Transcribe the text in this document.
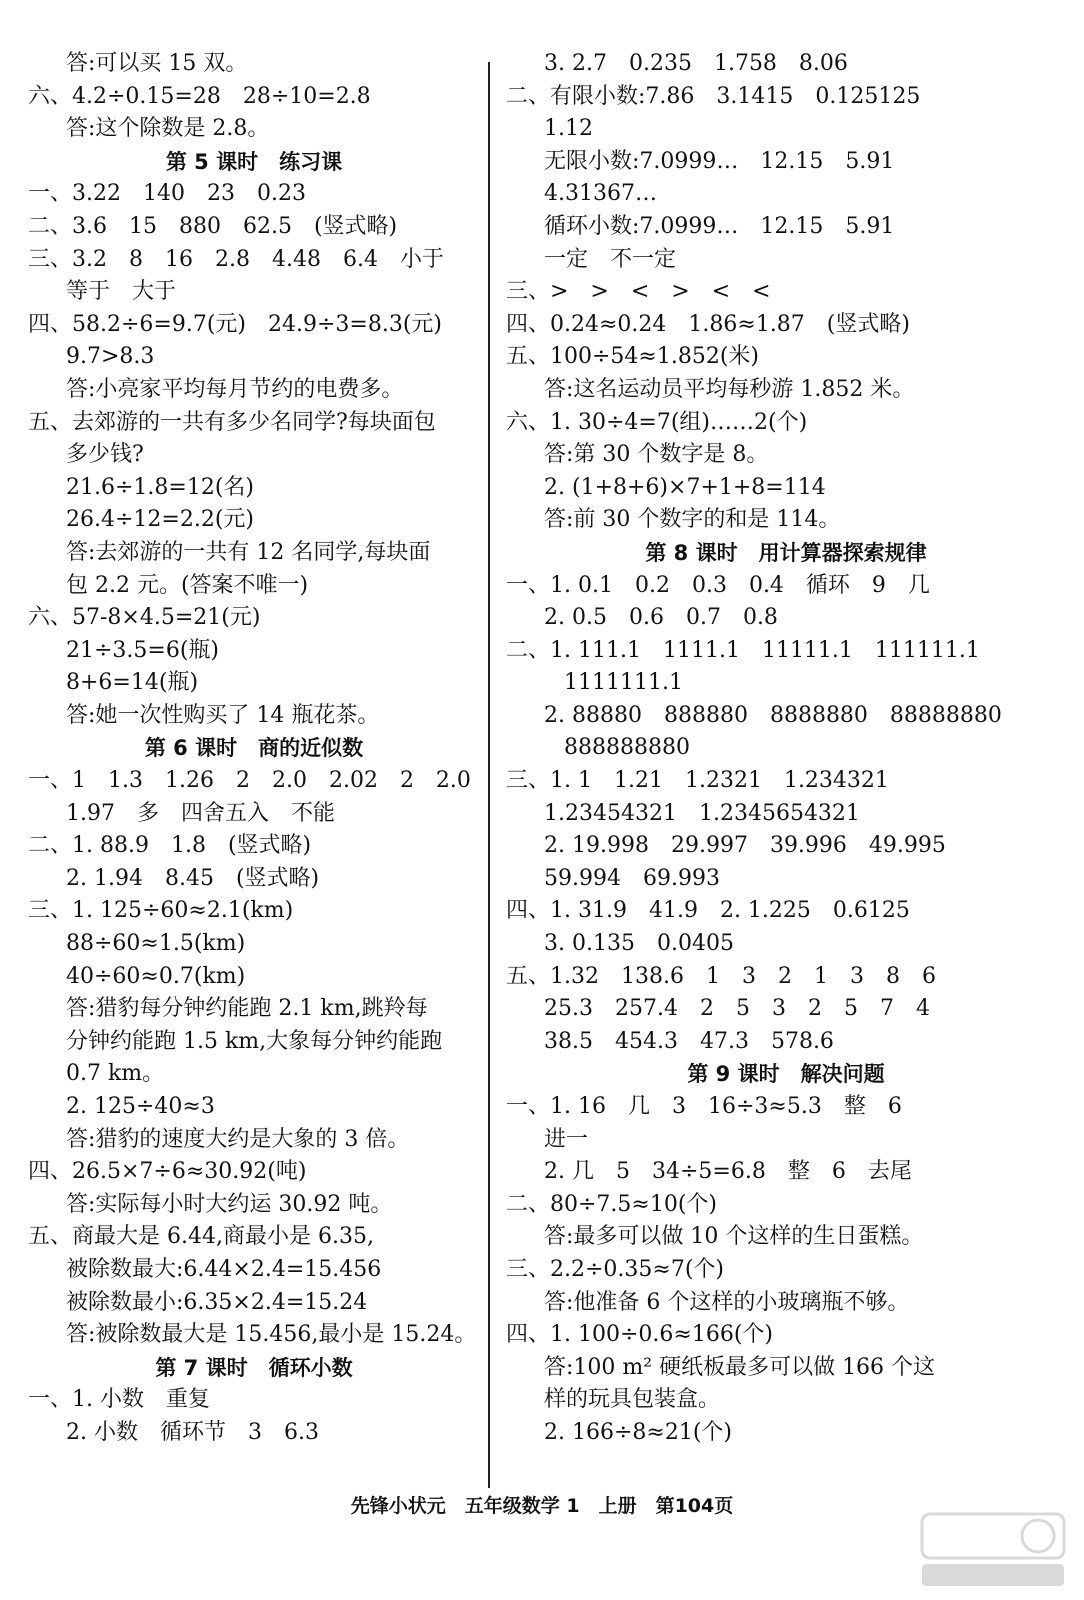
答:可以买 15 双。
六、4.2÷0.15=28　28÷10=2.8
答:这个除数是 2.8。
第 5 课时　练习课
一、3.22　140　23　0.23
二、3.6　15　880　62.5　(竖式略)
三、3.2　8　16　2.8　4.48　6.4　小于
等于　大于
四、58.2÷6=9.7(元)　24.9÷3=8.3(元)
9.7>8.3
答:小亮家平均每月节约的电费多。
五、去郊游的一共有多少名同学?每块面包
多少钱?
21.6÷1.8=12(名)
26.4÷12=2.2(元)
答:去郊游的一共有 12 名同学,每块面
包 2.2 元。(答案不唯一)
六、57-8×4.5=21(元)
21÷3.5=6(瓶)
8+6=14(瓶)
答:她一次性购买了 14 瓶花茶。
第 6 课时　商的近似数
一、1　1.3　1.26　2　2.0　2.02　2　2.0
1.97　多　四舍五入　不能
二、1. 88.9　1.8　(竖式略)
2. 1.94　8.45　(竖式略)
三、1. 125÷60≈2.1(km)
88÷60≈1.5(km)
40÷60≈0.7(km)
答:猎豹每分钟约能跑 2.1 km,跳羚每
分钟约能跑 1.5 km,大象每分钟约能跑
0.7 km。
2. 125÷40≈3
答:猎豹的速度大约是大象的 3 倍。
四、26.5×7÷6≈30.92(吨)
答:实际每小时大约运 30.92 吨。
五、商最大是 6.44,商最小是 6.35,
被除数最大:6.44×2.4=15.456
被除数最小:6.35×2.4=15.24
答:被除数最大是 15.456,最小是 15.24。
第 7 课时　循环小数
一、1. 小数　重复
2. 小数　循环节　3　6.3
3. 2.7　0.235　1.758　8.06
二、有限小数:7.86　3.1415　0.125125
1.12
无限小数:7.0999…　12.15　5.91
4.31367…
循环小数:7.0999…　12.15　5.91
一定　不一定
三、>　>　<　>　<　<
四、0.24≈0.24　1.86≈1.87　(竖式略)
五、100÷54≈1.852(米)
答:这名运动员平均每秒游 1.852 米。
六、1. 30÷4=7(组)……2(个)
答:第 30 个数字是 8。
2. (1+8+6)×7+1+8=114
答:前 30 个数字的和是 114。
第 8 课时　用计算器探索规律
一、1. 0.1　0.2　0.3　0.4　循环　9　几
2. 0.5　0.6　0.7　0.8
二、1. 111.1　1111.1　11111.1　111111.1
1111111.1
2. 88880　888880　8888880　88888880
888888880
三、1. 1　1.21　1.2321　1.234321
1.23454321　1.2345654321
2. 19.998　29.997　39.996　49.995
59.994　69.993
四、1. 31.9　41.9　2. 1.225　0.6125
3. 0.135　0.0405
五、1.32　138.6　1　3　2　1　3　8　6
25.3　257.4　2　5　3　2　5　7　4
38.5　454.3　47.3　578.6
第 9 课时　解决问题
一、1. 16　几　3　16÷3≈5.3　整　6
进一
2. 几　5　34÷5=6.8　整　6　去尾
二、80÷7.5≈10(个)
答:最多可以做 10 个这样的生日蛋糕。
三、2.2÷0.35≈7(个)
答:他准备 6 个这样的小玻璃瓶不够。
四、1. 100÷0.6≈166(个)
答:100 m² 硬纸板最多可以做 166 个这
样的玩具包装盒。
2. 166÷8≈21(个)
先锋小状元　五年级数学 1　上册　第104页
